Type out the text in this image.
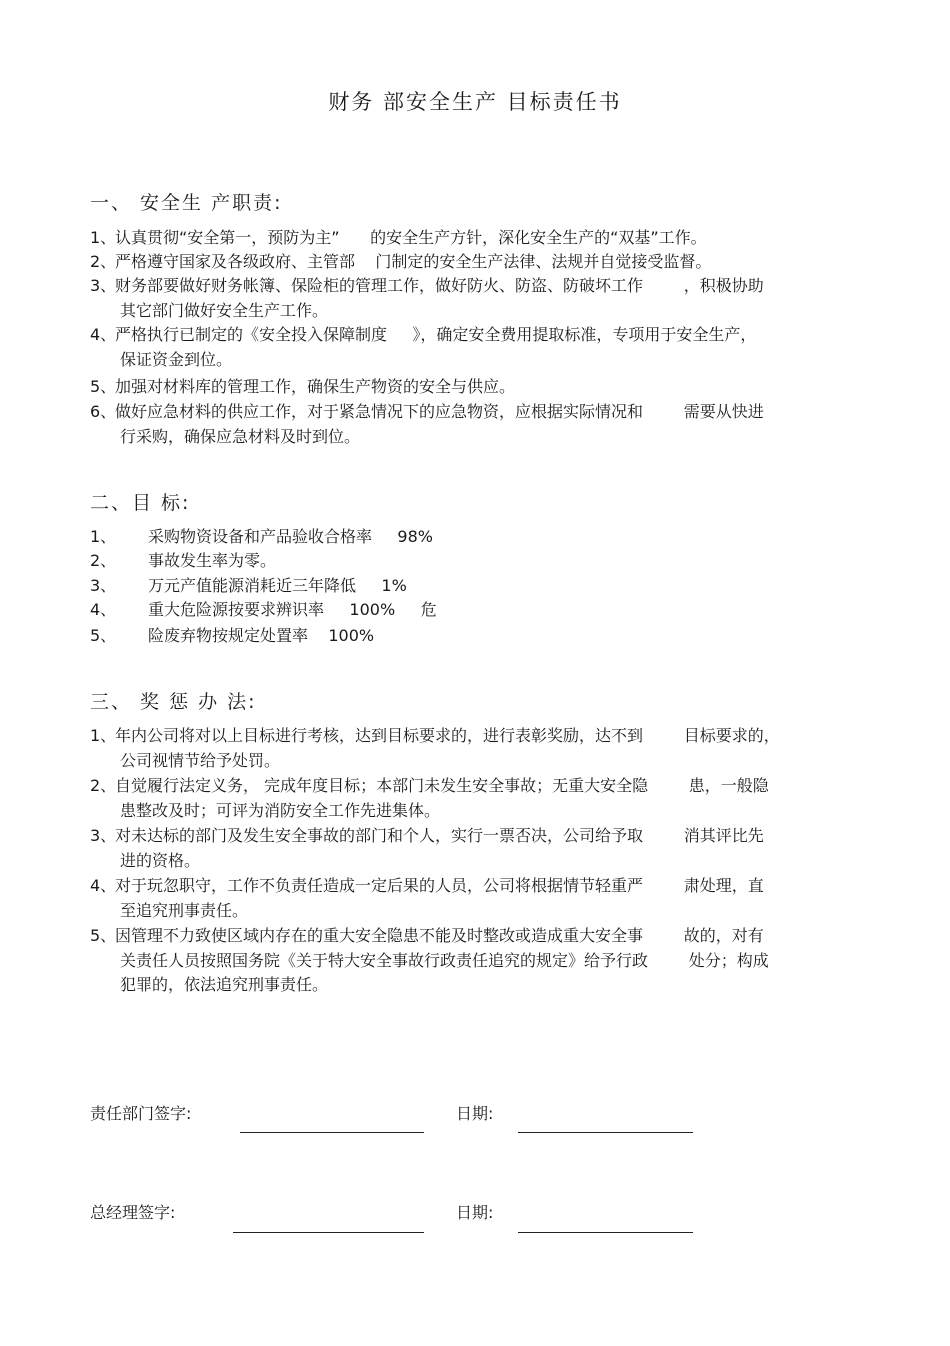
财务 部安全生产 目标责任书
一、 安全生 产职责:
1、
认真贯彻“安全第一，预防为主”      的安全生产方针，深化安全生产的“双基”工作。
2、
严格遵守国家及各级政府、主管部    门制定的安全生产法律、法规并自觉接受监督。
3、
财务部要做好财务帐簿、保险柜的管理工作，做好防火、防盗、防破坏工作        ，积极协助
其它部门做好安全生产工作。
4、
严格执行已制定的《安全投入保障制度     》，确定安全费用提取标准，专项用于安全生产，
保证资金到位。
5、
加强对材料库的管理工作，确保生产物资的安全与供应。
6、
做好应急材料的供应工作，对于紧急情况下的应急物资，应根据实际情况和        需要从快进
行采购，确保应急材料及时到位。
二、目 标:
1、 采购物资设备和产品验收合格率     98%
2、 事故发生率为零。
3、 万元产值能源消耗近三年降低     1%
4、 重大危险源按要求辨识率     100%     危
5、 险废弃物按规定处置率    100%
三、 奖 惩 办 法:
1、
年内公司将对以上目标进行考核，达到目标要求的，进行表彰奖励，达不到        目标要求的，
公司视情节给予处罚。
2、
自觉履行法定义务， 完成年度目标；本部门未发生安全事故；无重大安全隐        患，一般隐
患整改及时；可评为消防安全工作先进集体。
3、
对未达标的部门及发生安全事故的部门和个人，实行一票否决，公司给予取        消其评比先
进的资格。
4、
对于玩忽职守，工作不负责任造成一定后果的人员，公司将根据情节轻重严        肃处理，直
至追究刑事责任。
5、
因管理不力致使区域内存在的重大安全隐患不能及时整改或造成重大安全事        故的，对有
关责任人员按照国务院《关于特大安全事故行政责任追究的规定》给予行政        处分；构成
犯罪的，依法追究刑事责任。
责任部门签字:	日期:
总经理签字:	日期:
